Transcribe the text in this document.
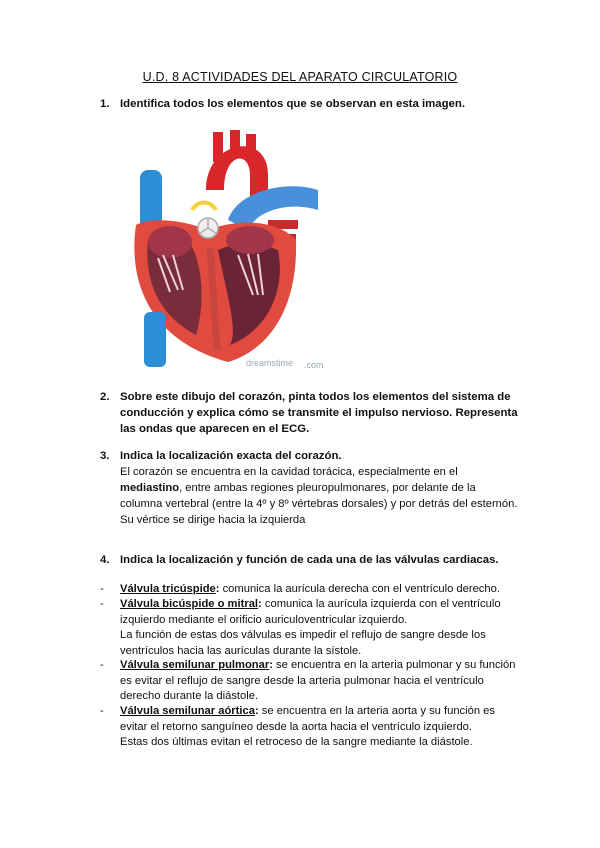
U.D. 8 ACTIVIDADES DEL APARATO CIRCULATORIO
1. Identifica todos los elementos que se observan en esta imagen.
dreamstime .com
2. Sobre este dibujo del corazón, pinta todos los elementos del sistema de conducción y explica cómo se transmite el impulso nervioso. Representa las ondas que aparecen en el ECG.
3. Indica la localización exacta del corazón.
El corazón se encuentra en la cavidad torácica, especialmente en el mediastino, entre ambas regiones pleuropulmonares, por delante de la columna vertebral (entre la 4º y 8º vértebras dorsales) y por detrás del esternón. Su vértice se dirige hacia la izquierda
4. Indica la localización y función de cada una de las válvulas cardiacas.
- Válvula tricúspide: comunica la aurícula derecha con el ventrículo derecho.
- Válvula bicúspide o mitral: comunica la aurícula izquierda con el ventrículo izquierdo mediante el orificio auriculoventricular izquierdo.
La función de estas dos válvulas es impedir el reflujo de sangre desde los ventrículos hacia las aurículas durante la sístole.
- Válvula semilunar pulmonar: se encuentra en la arteria pulmonar y su función es evitar el reflujo de sangre desde la arteria pulmonar hacia el ventrículo derecho durante la diástole.
- Válvula semilunar aórtica: se encuentra en la arteria aorta y su función es evitar el retorno sanguíneo desde la aorta hacia el ventrículo izquierdo.
Estas dos últimas evitan el retroceso de la sangre mediante la diástole.
